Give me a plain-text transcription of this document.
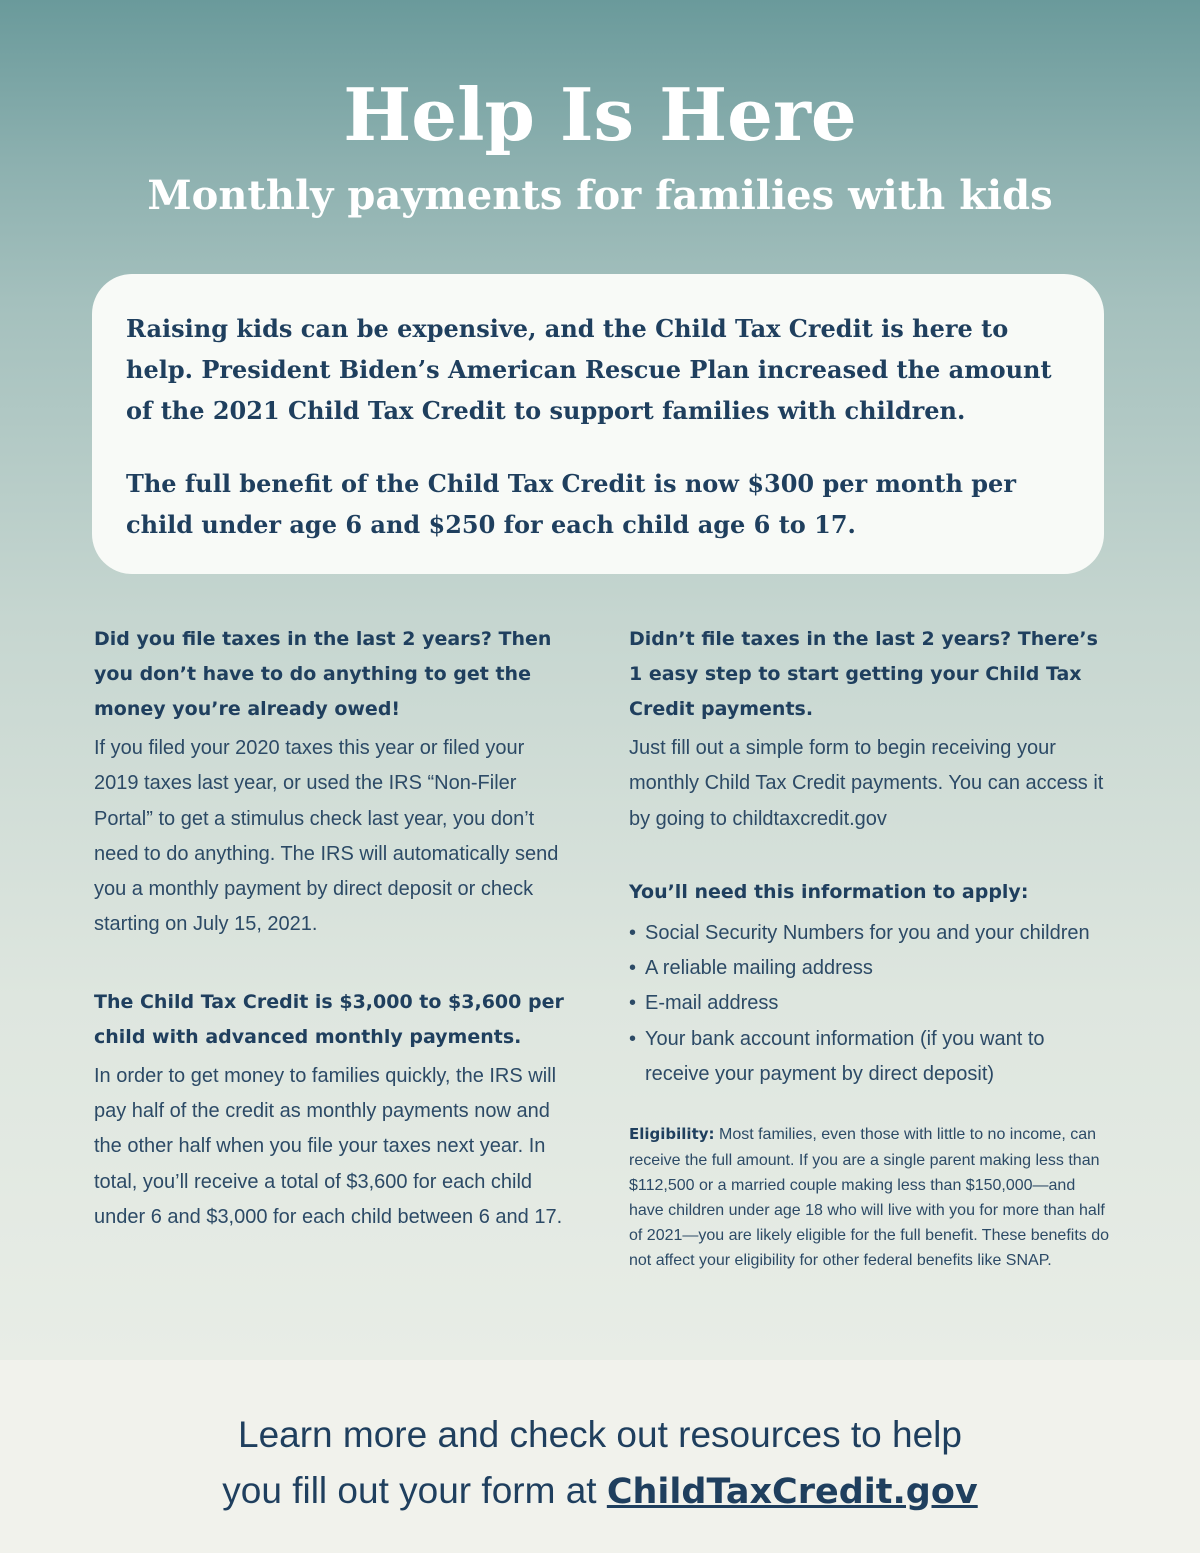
Help Is Here
Monthly payments for families with kids

Raising kids can be expensive, and the Child Tax Credit is here to help. President Biden’s American Rescue Plan increased the amount of the 2021 Child Tax Credit to support families with children.

The full benefit of the Child Tax Credit is now $300 per month per child under age 6 and $250 for each child age 6 to 17.

Did you file taxes in the last 2 years? Then you don’t have to do anything to get the money you’re already owed!

If you filed your 2020 taxes this year or filed your 2019 taxes last year, or used the IRS “Non-Filer Portal” to get a stimulus check last year, you don’t need to do anything. The IRS will automatically send you a monthly payment by direct deposit or check starting on July 15, 2021.

The Child Tax Credit is $3,000 to $3,600 per child with advanced monthly payments.

In order to get money to families quickly, the IRS will pay half of the credit as monthly payments now and the other half when you file your taxes next year. In total, you’ll receive a total of $3,600 for each child under 6 and $3,000 for each child between 6 and 17.

Didn’t file taxes in the last 2 years? There’s 1 easy step to start getting your Child Tax Credit payments.

Just fill out a simple form to begin receiving your monthly Child Tax Credit payments. You can access it by going to childtaxcredit.gov

You’ll need this information to apply:

• Social Security Numbers for you and your children
• A reliable mailing address
• E-mail address
• Your bank account information (if you want to receive your payment by direct deposit)

Eligibility: Most families, even those with little to no income, can receive the full amount. If you are a single parent making less than $112,500 or a married couple making less than $150,000—and have children under age 18 who will live with you for more than half of 2021—you are likely eligible for the full benefit. These benefits do not affect your eligibility for other federal benefits like SNAP.

Learn more and check out resources to help

you fill out your form at ChildTaxCredit.gov
